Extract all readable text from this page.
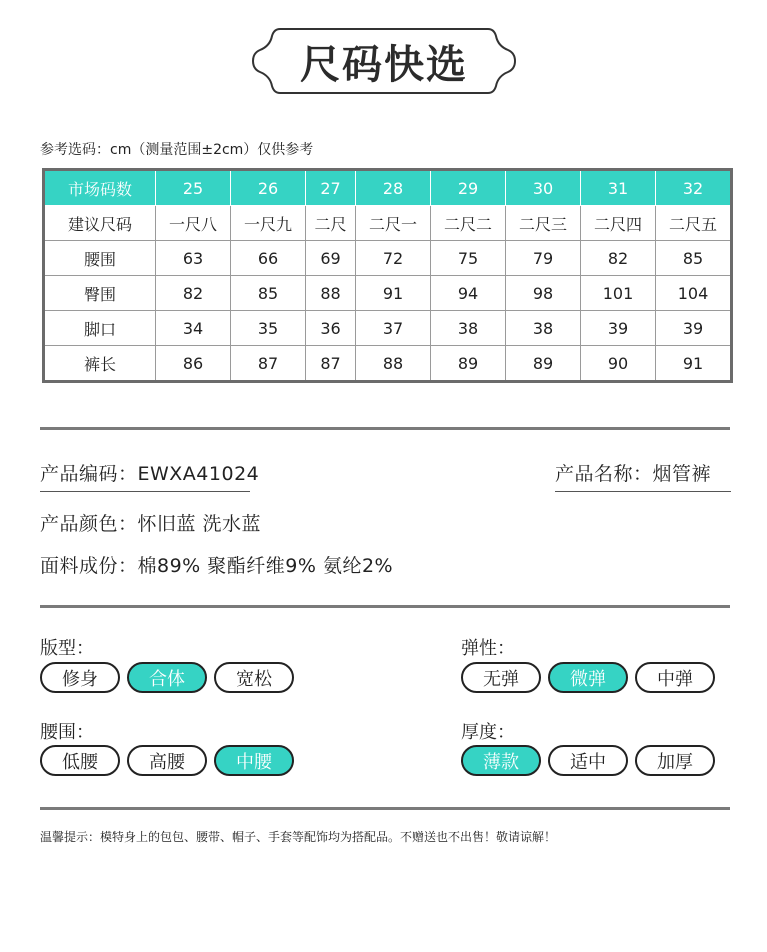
尺码快选
参考选码：cm（测量范围±2cm）仅供参考
市场码数	25	26	27	28	29	30	31	32
建议尺码	一尺八	一尺九	二尺	二尺一	二尺二	二尺三	二尺四	二尺五
腰围	63	66	69	72	75	79	82	85
臀围	82	85	88	91	94	98	101	104
脚口	34	35	36	37	38	38	39	39
裤长	86	87	87	88	89	89	90	91
产品编码：EWXA41024	产品名称：烟管裤
产品颜色：怀旧蓝 洗水蓝
面料成份：棉89% 聚酯纤维9% 氨纶2%
版型：
修身	合体	宽松
弹性：
无弹	微弹	中弹
腰围：
低腰	高腰	中腰
厚度：
薄款	适中	加厚
温馨提示：模特身上的包包、腰带、帽子、手套等配饰均为搭配品。不赠送也不出售！敬请谅解！
